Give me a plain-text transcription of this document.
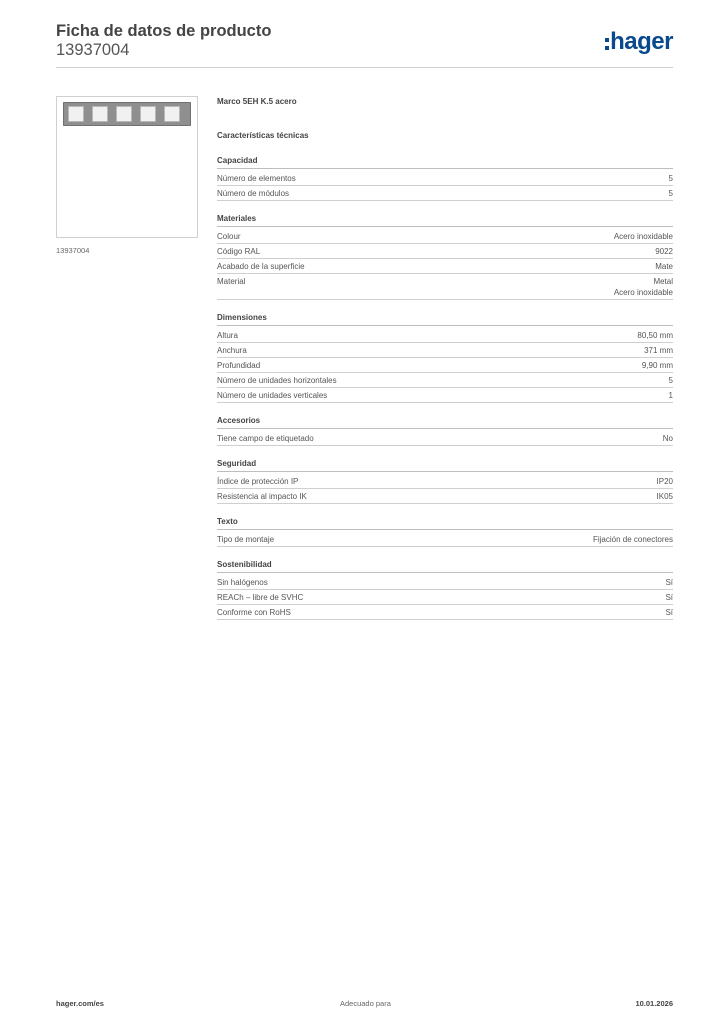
Ficha de datos de producto
13937004	hager
13937004
Marco 5EH K.5 acero
Características técnicas
Capacidad
Número de elementos	5
Número de módulos	5
Materiales
Colour	Acero inoxidable
Código RAL	9022
Acabado de la superficie	Mate
Material	Metal
Acero inoxidable
Dimensiones
Altura	80,50 mm
Anchura	371 mm
Profundidad	9,90 mm
Número de unidades horizontales	5
Número de unidades verticales	1
Accesorios
Tiene campo de etiquetado	No
Seguridad
Índice de protección IP	IP20
Resistencia al impacto IK	IK05
Texto
Tipo de montaje	Fijación de conectores
Sostenibilidad
Sin halógenos	Sí
REACh – libre de SVHC	Sí
Conforme con RoHS	Sí
hager.com/es	Adecuado para	10.01.2026
